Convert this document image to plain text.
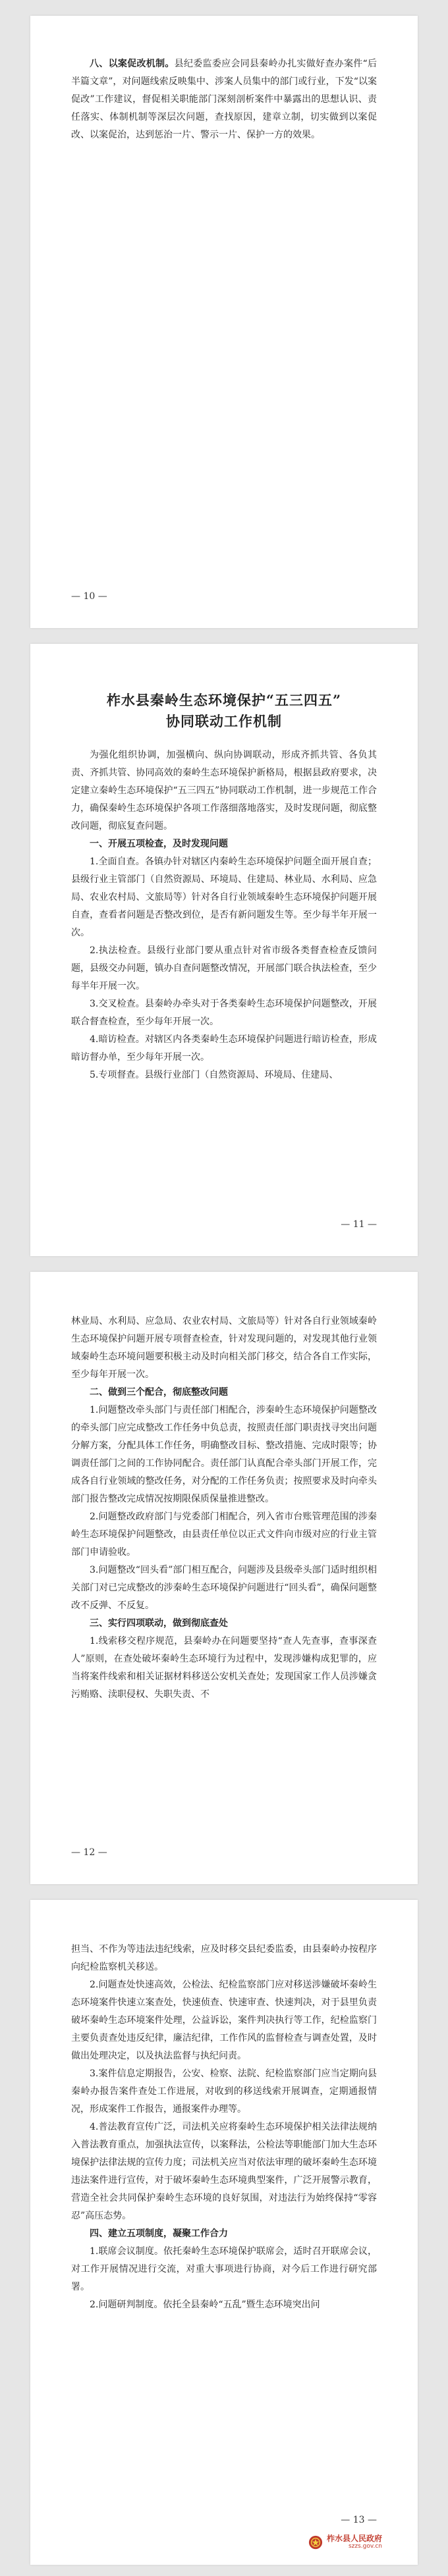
八、以案促改机制。县纪委监委应会同县秦岭办扎实做好查办案件“后半篇文章”，对问题线索反映集中、涉案人员集中的部门或行业，下发“以案促改”工作建议，督促相关职能部门深刻剖析案件中暴露出的思想认识、责任落实、体制机制等深层次问题，查找原因，建章立制，切实做到以案促改、以案促治，达到惩治一片、警示一片、保护一方的效果。

— 10 —

柞水县秦岭生态环境保护“五三四五”

协同联动工作机制

为强化组织协调，加强横向、纵向协调联动，形成齐抓共管、各负其责、齐抓共管、协同高效的秦岭生态环境保护新格局，根据县政府要求，决定建立秦岭生态环境保护“五三四五”协同联动工作机制，进一步规范工作合力，确保秦岭生态环境保护各项工作落细落地落实，及时发现问题，彻底整改问题，彻底复查问题。

一、开展五项检查，及时发现问题

1.全面自查。各镇办针对辖区内秦岭生态环境保护问题全面开展自查；县级行业主管部门（自然资源局、环境局、住建局、林业局、水利局、应急局、农业农村局、文旅局等）针对各自行业领域秦岭生态环境保护问题开展自查，查看者问题是否整改到位，是否有新问题发生等。至少每半年开展一次。

2.执法检查。县级行业部门要从重点针对省市级各类督查检查反馈问题，县级交办问题，镇办自查问题整改情况，开展部门联合执法检查，至少每半年开展一次。

3.交叉检查。县秦岭办牵头对于各类秦岭生态环境保护问题整改，开展联合督查检查，至少每年开展一次。

4.暗访检查。对辖区内各类秦岭生态环境保护问题进行暗访检查，形成暗访督办单，至少每年开展一次。

5.专项督查。县级行业部门（自然资源局、环境局、住建局、

— 11 —

林业局、水利局、应急局、农业农村局、文旅局等）针对各自行业领域秦岭生态环境保护问题开展专项督查检查，针对发现问题的，对发现其他行业领域秦岭生态环境问题要积极主动及时向相关部门移交，结合各自工作实际，至少每年开展一次。

二、做到三个配合，彻底整改问题

1.问题整改牵头部门与责任部门相配合，涉秦岭生态环境保护问题整改的牵头部门应完成整改工作任务中负总责，按照责任部门职责找寻突出问题分解方案，分配具体工作任务，明确整改目标、整改措施、完成时限等；协调责任部门之间的工作协同配合。责任部门认真配合牵头部门开展工作，完成各自行业领域的整改任务，对分配的工作任务负责；按照要求及时向牵头部门报告整改完成情况按期限保质保量推进整改。

2.问题整改政府部门与党委部门相配合，列入省市台账管理范围的涉秦岭生态环境保护问题整改，由县责任单位以正式文件向市级对应的行业主管部门申请验收。

3.问题整改“回头看”部门相互配合，问题涉及县级牵头部门适时组织相关部门对已完成整改的涉秦岭生态环境保护问题进行“回头看”，确保问题整改不反弹、不反复。

三、实行四项联动，做到彻底查处

1.线索移交程序规范，县秦岭办在问题要坚持“查人先查事，查事深查人”原则，在查处破坏秦岭生态环境行为过程中，发现涉嫌构成犯罪的，应当将案件线索和相关证据材料移送公安机关查处；发现国家工作人员涉嫌贪污贿赂、渎职侵权、失职失责、不

— 12 —

担当、不作为等违法违纪线索，应及时移交县纪委监委，由县秦岭办按程序向纪检监察机关移送。

2.问题查处快速高效，公检法、纪检监察部门应对移送涉嫌破坏秦岭生态环境案件快速立案查处，快速侦查、快速审查、快速判决，对于县里负责破坏秦岭生态环境案件处理，公益诉讼，案件判决执行等工作，纪检监察门主要负责查处违反纪律，廉洁纪律，工作作风的监督检查与调查处置，及时做出处理决定，以及执法监督与执纪问责。

3.案件信息定期报告，公安、检察、法院、纪检监察部门应当定期向县秦岭办报告案件查处工作进展，对收到的移送线索开展调查，定期通报情况，形成案件工作报告，通报案件办理等。

4.普法教育宣传广泛，司法机关应将秦岭生态环境保护相关法律法规纳入普法教育重点，加强执法宣传，以案释法，公检法等职能部门加大生态环境保护法律法规的宣传力度；司法机关应当对依法审理的破坏秦岭生态环境违法案件进行宣传，对于破坏秦岭生态环境典型案件，广泛开展警示教育，营造全社会共同保护秦岭生态环境的良好氛围，对违法行为始终保持“零容忍”高压态势。

四、建立五项制度，凝聚工作合力

1.联席会议制度。依托秦岭生态环境保护联席会，适时召开联席会议，对工作开展情况进行交流，对重大事项进行协商，对今后工作进行研究部署。

2.问题研判制度。依托全县秦岭“五乱”暨生态环境突出问

— 13 —
柞水县人民政府
szzs.gov.cn
